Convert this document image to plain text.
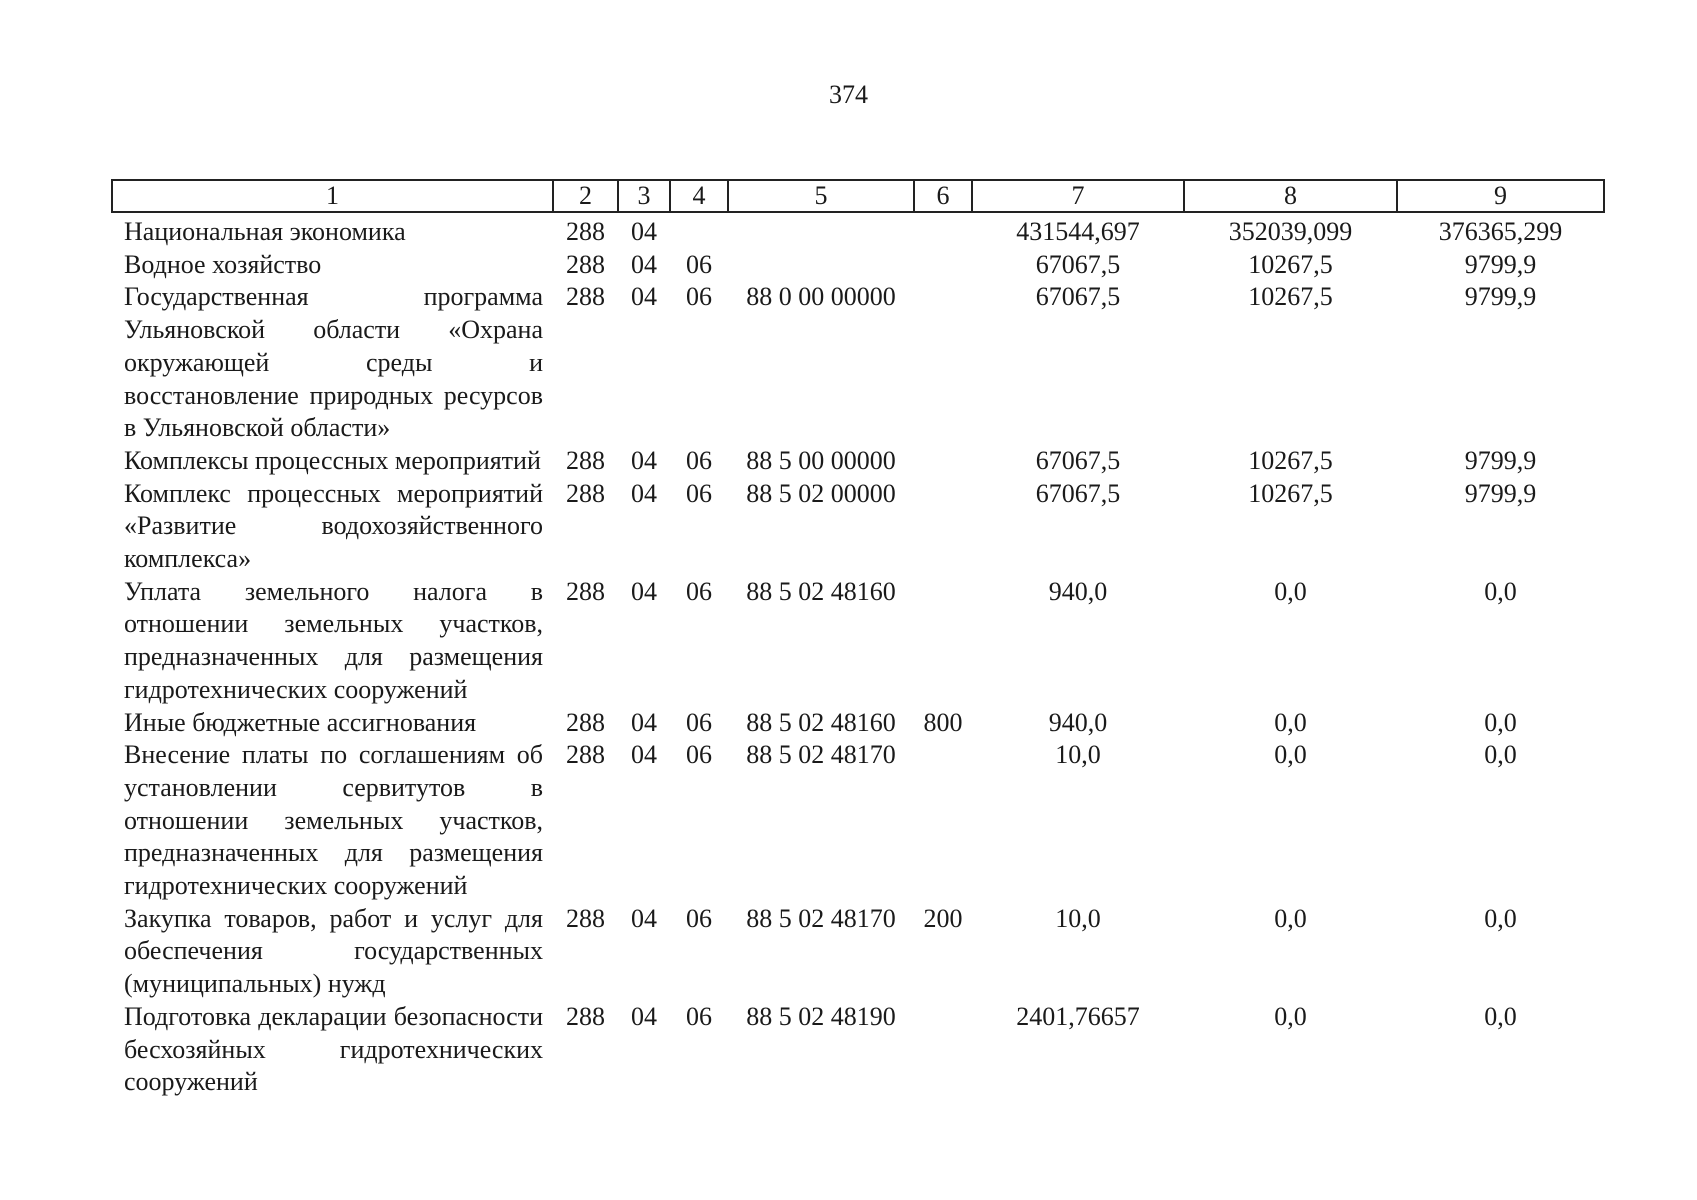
374
1	2	3	4	5	6	7	8	9
Национальная экономика	288	04				431544,697	352039,099	376365,299
Водное хозяйство	288	04	06			67067,5	10267,5	9799,9
Государственная программа Ульяновской области «Охрана окружающей среды и восстановление природных ресурсов в Ульяновской области»	288	04	06	88 0 00 00000		67067,5	10267,5	9799,9
Комплексы процессных мероприятий	288	04	06	88 5 00 00000		67067,5	10267,5	9799,9
Комплекс процессных мероприятий «Развитие водохозяйственного комплекса»	288	04	06	88 5 02 00000		67067,5	10267,5	9799,9
Уплата земельного налога в отношении земельных участков, предназначенных для размещения гидротехнических сооружений	288	04	06	88 5 02 48160		940,0	0,0	0,0
Иные бюджетные ассигнования	288	04	06	88 5 02 48160	800	940,0	0,0	0,0
Внесение платы по соглашениям об установлении сервитутов в отношении земельных участков, предназначенных для размещения гидротехнических сооружений	288	04	06	88 5 02 48170		10,0	0,0	0,0
Закупка товаров, работ и услуг для обеспечения государственных (муниципальных) нужд	288	04	06	88 5 02 48170	200	10,0	0,0	0,0
Подготовка декларации безопасности бесхозяйных гидротехнических сооружений	288	04	06	88 5 02 48190		2401,76657	0,0	0,0
